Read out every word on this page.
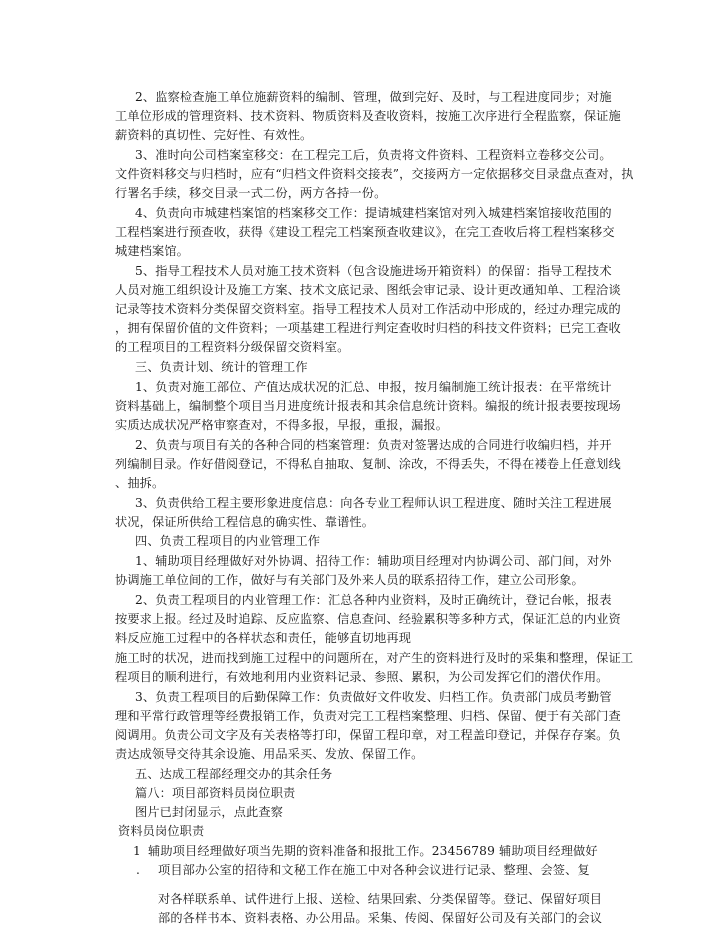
2、监察检查施工单位施薪资料的编制、管理，做到完好、及时，与工程进度同步；对施
工单位形成的管理资料、技术资料、物质资料及查收资料，按施工次序进行全程监察，保证施
薪资料的真切性、完好性、有效性。
3、准时向公司档案室移交：在工程完工后，负责将文件资料、工程资料立卷移交公司。
文件资料移交与归档时，应有“归档文件资料交接表”，交接两方一定依据移交目录盘点查对，执
行署名手续，移交目录一式二份，两方各持一份。
4、负责向市城建档案馆的档案移交工作：提请城建档案馆对列入城建档案馆接收范围的
工程档案进行预查收，获得《建设工程完工档案预查收建议》，在完工查收后将工程档案移交
城建档案馆。
5、指导工程技术人员对施工技术资料（包含设施进场开箱资料）的保留：指导工程技术
人员对施工组织设计及施工方案、技术文底记录、图纸会审记录、设计更改通知单、工程洽谈
记录等技术资料分类保留交资料室。指导工程技术人员对工作活动中形成的，经过办理完成的
，拥有保留价值的文件资料；一项基建工程进行判定查收时归档的科技文件资料；已完工查收
的工程项目的工程资料分级保留交资料室。
三、负责计划、统计的管理工作
1、负责对施工部位、产值达成状况的汇总、申报，按月编制施工统计报表：在平常统计
资料基础上，编制整个项目当月进度统计报表和其余信息统计资料。编报的统计报表要按现场
实质达成状况严格审察查对，不得多报，早报，重报，漏报。
2、负责与项目有关的各种合同的档案管理：负责对签署达成的合同进行收编归档，并开
列编制目录。作好借阅登记，不得私自抽取、复制、涂改，不得丢失，不得在褛卷上任意划线
、抽拆。
3、负责供给工程主要形象进度信息：向各专业工程师认识工程进度、随时关注工程进展
状况，保证所供给工程信息的确实性、靠谱性。
四、负责工程项目的内业管理工作
1、辅助项目经理做好对外协调、招待工作：辅助项目经理对内协调公司、部门间，对外
协调施工单位间的工作，做好与有关部门及外来人员的联系招待工作，建立公司形象。
2、负责工程项目的内业管理工作：汇总各种内业资料，及时正确统计，登记台帐，报表
按要求上报。经过及时追踪、反应监察、信息查问、经验累积等多种方式，保证汇总的内业资
料反应施工过程中的各样状态和责任，能够直切地再现
施工时的状况，进而找到施工过程中的问题所在，对产生的资料进行及时的采集和整理，保证工
程项目的顺利进行，有效地利用内业资料记录、参照、累积，为公司发挥它们的潜伏作用。
3、负责工程项目的后勤保障工作：负责做好文件收发、归档工作。负责部门成员考勤管
理和平常行政管理等经费报销工作，负责对完工工程档案整理、归档、保留、便于有关部门查
阅调用。负责公司文字及有关表格等打印，保留工程印章，对工程盖印登记，并保存存案。负
责达成领导交待其余设施、用品采买、发放、保留工作。
五、达成工程部经理交办的其余任务
篇八：项目部资料员岗位职责
图片已封闭显示，点此查察
资料员岗位职责
1 辅助项目经理做好项当先期的资料准备和报批工作。23456789 辅助项目经理做好
. 项目部办公室的招待和文秘工作在施工中对各种会议进行记录、整理、会签、复
对各样联系单、试件进行上报、送检、结果回索、分类保留等。登记、保留好项目
部的各样书本、资料表格、办公用品。采集、传阅、保留好公司及有关部门的会议
